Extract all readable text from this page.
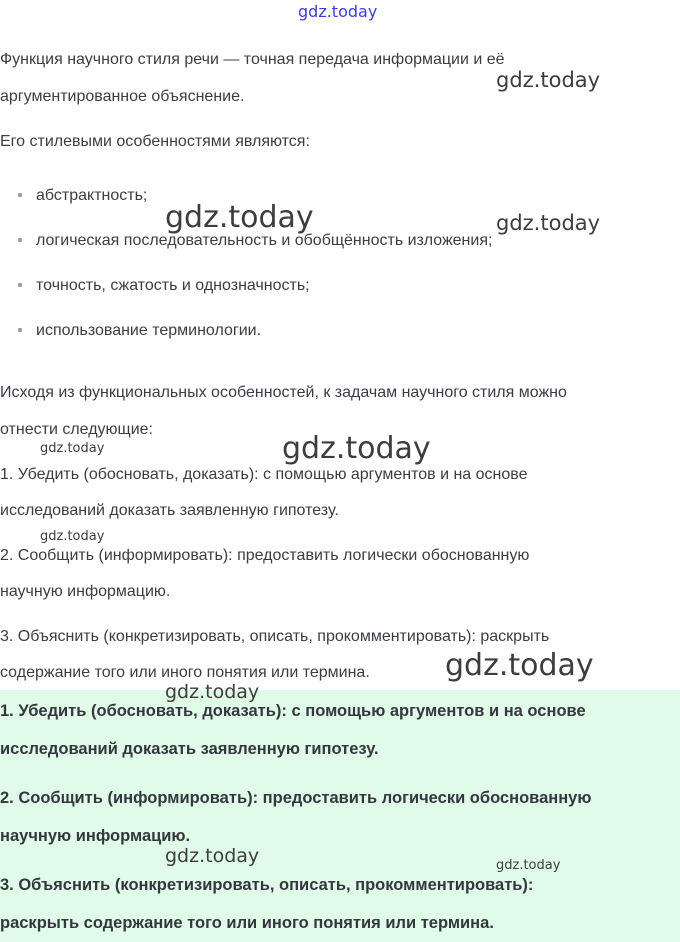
gdz.today
Функция научного стиля речи — точная передача информации и её
аргументированное объяснение.
Его стилевыми особенностями являются:
абстрактность;
логическая последовательность и обобщённость изложения;
точность, сжатость и однозначность;
использование терминологии.
Исходя из функциональных особенностей, к задачам научного стиля можно
отнести следующие:
1. Убедить (обосновать, доказать): с помощью аргументов и на основе
исследований доказать заявленную гипотезу.
2. Сообщить (информировать): предоставить логически обоснованную
научную информацию.
3. Объяснить (конкретизировать, описать, прокомментировать): раскрыть
содержание того или иного понятия или термина.
1. Убедить (обосновать, доказать): с помощью аргументов и на основе
исследований доказать заявленную гипотезу.
2. Сообщить (информировать): предоставить логически обоснованную
научную информацию.
3. Объяснить (конкретизировать, описать, прокомментировать):
раскрыть содержание того или иного понятия или термина.
gdz.today
gdz.today	gdz.today
gdz.today
gdz.today
gdz.today
gdz.today
gdz.today
gdz.today	gdz.today
